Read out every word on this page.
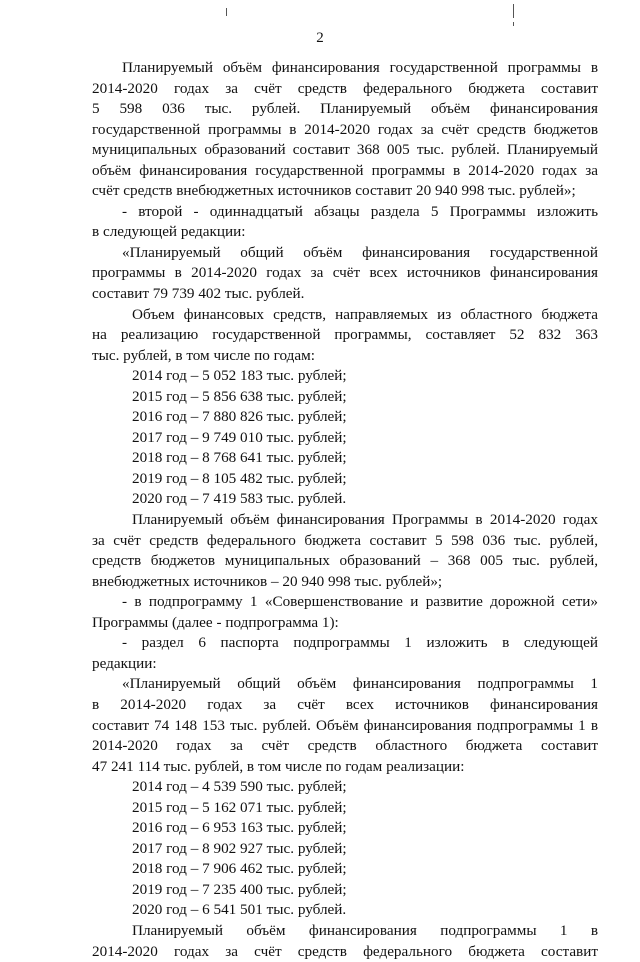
2
Планируемый объём финансирования государственной программы в
2014-2020 годах за счёт средств федерального бюджета составит
5 598 036 тыс. рублей. Планируемый объём финансирования
государственной программы в 2014-2020 годах за счёт средств бюджетов
муниципальных образований составит 368 005 тыс. рублей. Планируемый
объём финансирования государственной программы в 2014-2020 годах за
счёт средств внебюджетных источников составит 20 940 998 тыс. рублей»;
- второй - одиннадцатый абзацы раздела 5 Программы изложить
в следующей редакции:
«Планируемый общий объём финансирования государственной
программы в 2014-2020 годах за счёт всех источников финансирования
составит 79 739 402 тыс. рублей.
Объем финансовых средств, направляемых из областного бюджета
на реализацию государственной программы, составляет 52 832 363
тыс. рублей, в том числе по годам:
2014 год – 5 052 183 тыс. рублей;
2015 год – 5 856 638 тыс. рублей;
2016 год – 7 880 826 тыс. рублей;
2017 год – 9 749 010 тыс. рублей;
2018 год – 8 768 641 тыс. рублей;
2019 год – 8 105 482 тыс. рублей;
2020 год – 7 419 583 тыс. рублей.
Планируемый объём финансирования Программы в 2014-2020 годах
за счёт средств федерального бюджета составит 5 598 036 тыс. рублей,
средств бюджетов муниципальных образований – 368 005 тыс. рублей,
внебюджетных источников – 20 940 998 тыс. рублей»;
- в подпрограмму 1 «Совершенствование и развитие дорожной сети»
Программы (далее - подпрограмма 1):
- раздел 6 паспорта подпрограммы 1 изложить в следующей
редакции:
«Планируемый общий объём финансирования подпрограммы 1
в 2014-2020 годах за счёт всех источников финансирования
составит 74 148 153 тыс. рублей. Объём финансирования подпрограммы 1 в
2014-2020 годах за счёт средств областного бюджета составит
47 241 114 тыс. рублей, в том числе по годам реализации:
2014 год – 4 539 590 тыс. рублей;
2015 год – 5 162 071 тыс. рублей;
2016 год – 6 953 163 тыс. рублей;
2017 год – 8 902 927 тыс. рублей;
2018 год – 7 906 462 тыс. рублей;
2019 год – 7 235 400 тыс. рублей;
2020 год – 6 541 501 тыс. рублей.
Планируемый объём финансирования подпрограммы 1 в
2014-2020 годах за счёт средств федерального бюджета составит
